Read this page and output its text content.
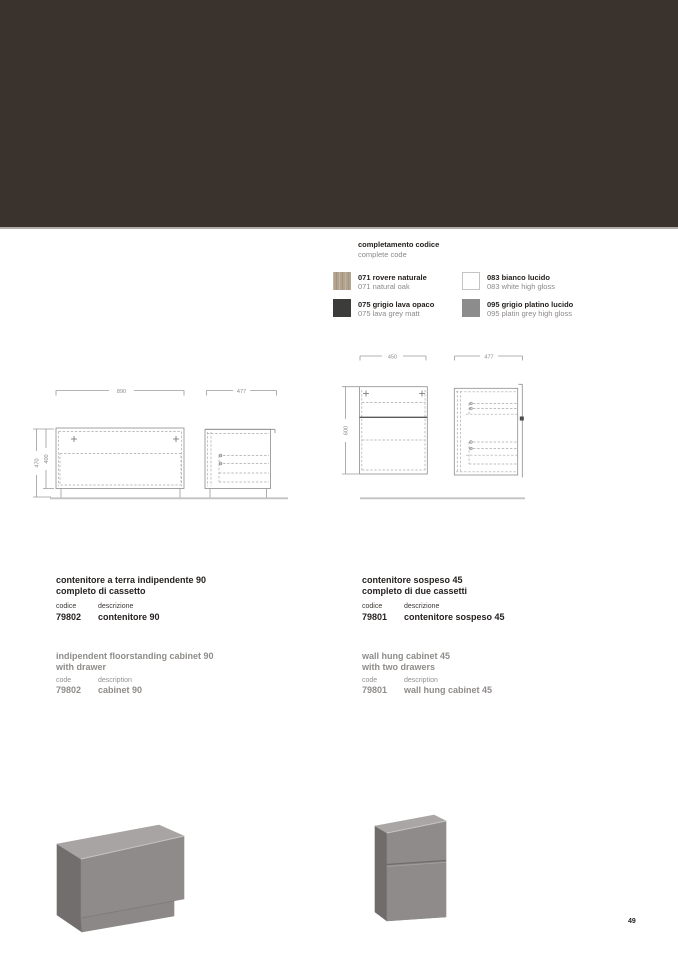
completamento codice
complete code
071 rovere naturale
071 natural oak
083 bianco lucido
083 white high gloss
075 grigio lava opaco
075 lava grey matt
095 grigio platino lucido
095 platin grey high gloss
890
470 400
477
450
600
477
contenitore a terra indipendente 90
completo di cassetto
codice	descrizione
79802	contenitore 90
indipendent floorstanding cabinet 90
with drawer
code	description
79802	cabinet 90
contenitore sospeso 45
completo di due cassetti
codice	descrizione
79801	contenitore sospeso 45
wall hung cabinet 45
with two drawers
code	description
79801	wall hung cabinet 45
49
